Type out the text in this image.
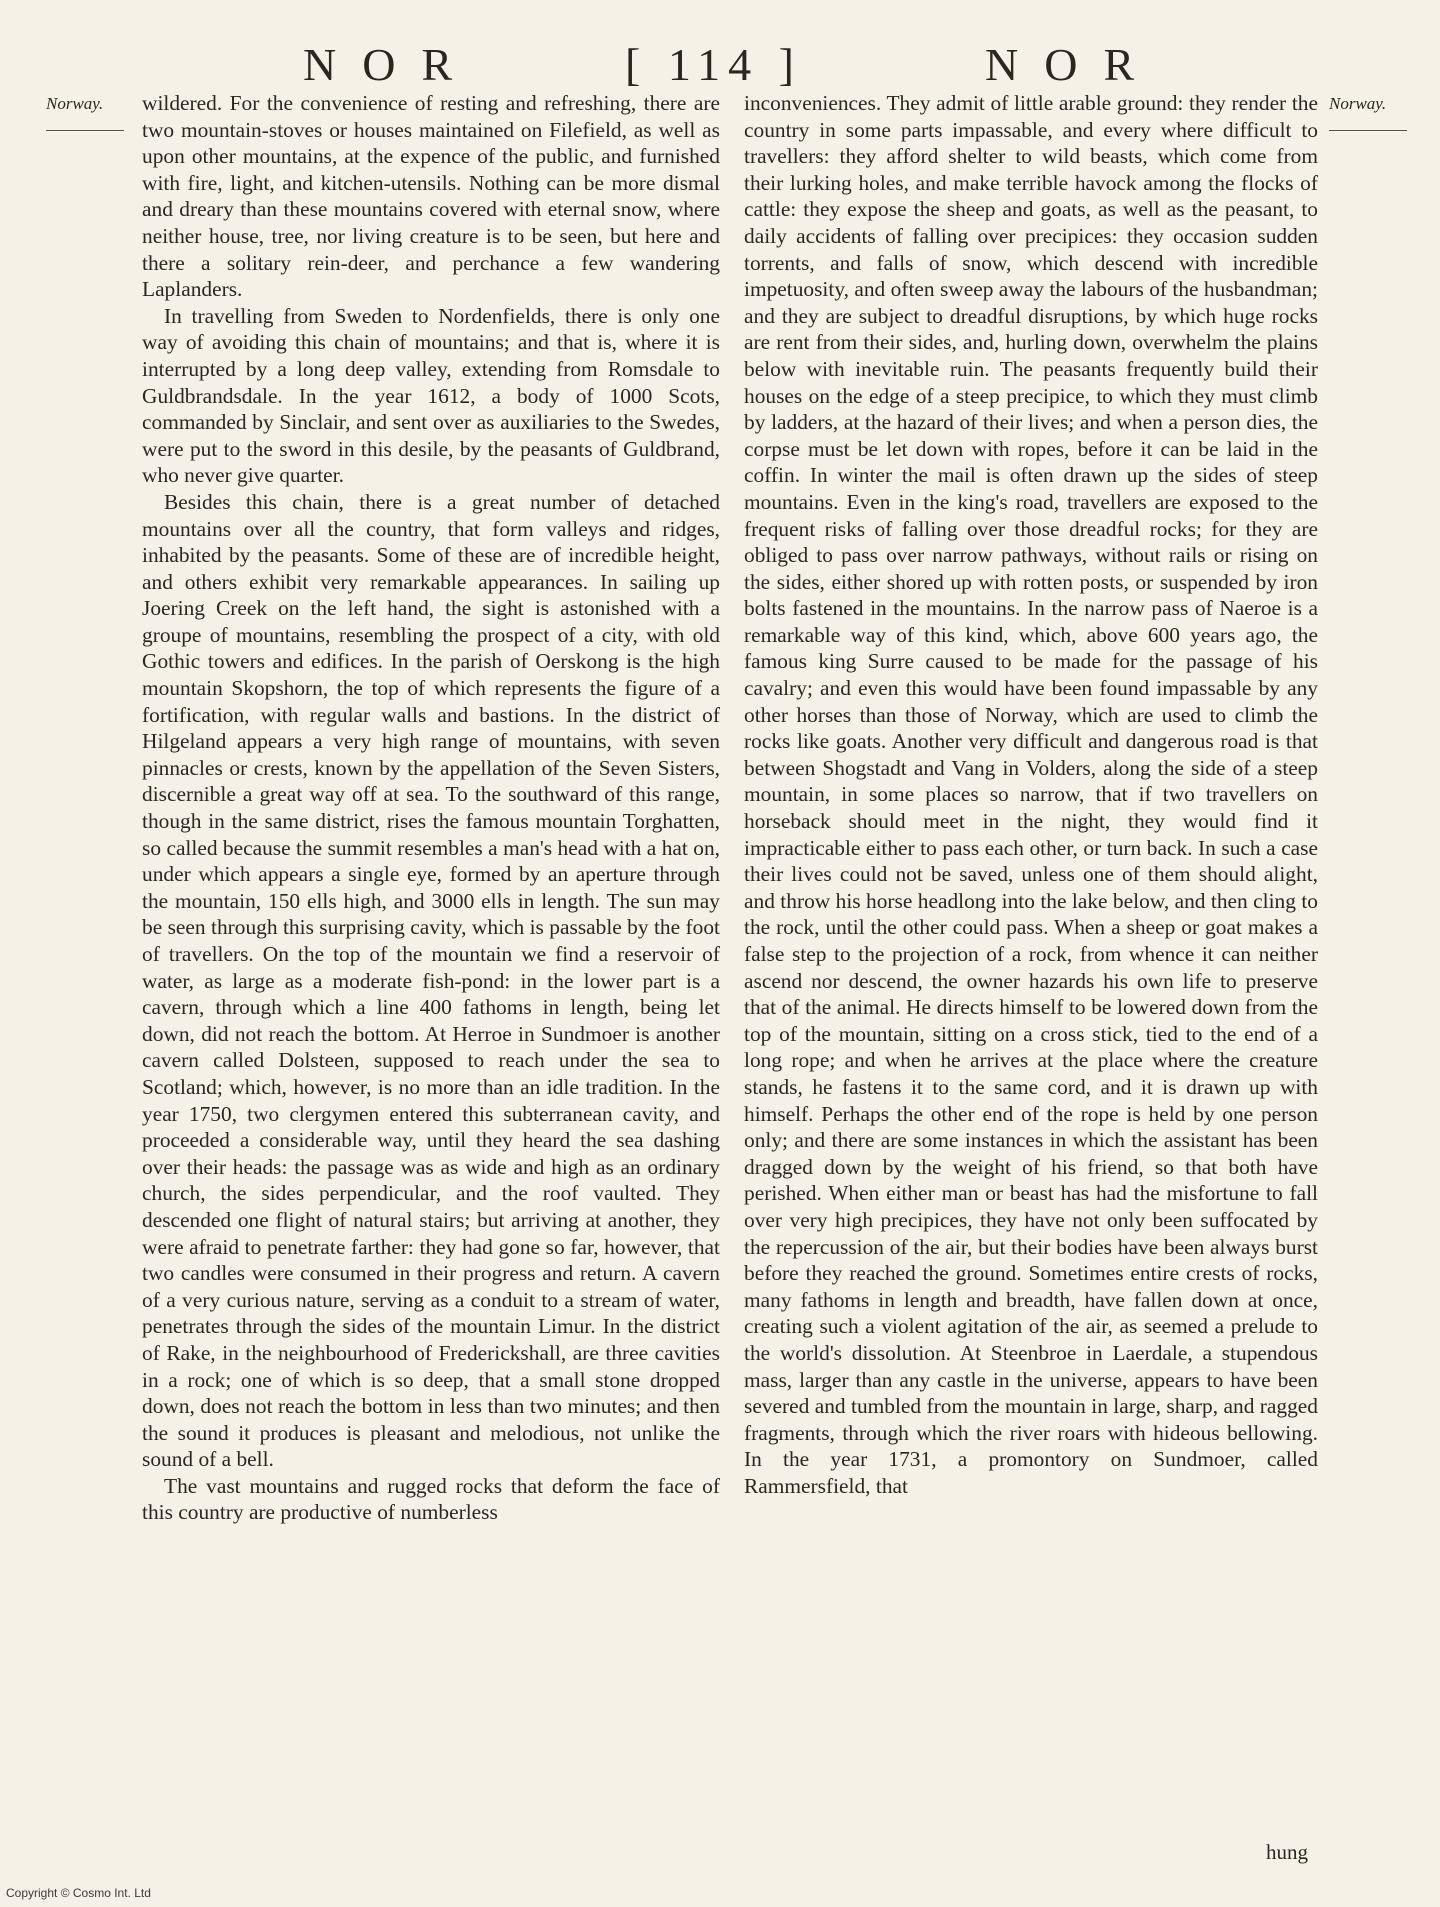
NOR	[ 114 ]	NOR
Norway.	Norway.

wildered. For the convenience of resting and refreshing, there are two mountain-stoves or houses maintained on Filefield, as well as upon other mountains, at the expence of the public, and furnished with fire, light, and kitchen-utensils. Nothing can be more dismal and dreary than these mountains covered with eternal snow, where neither house, tree, nor living creature is to be seen, but here and there a solitary rein-deer, and perchance a few wandering Laplanders.

In travelling from Sweden to Nordenfields, there is only one way of avoiding this chain of mountains; and that is, where it is interrupted by a long deep valley, extending from Romsdale to Guldbrandsdale. In the year 1612, a body of 1000 Scots, commanded by Sinclair, and sent over as auxiliaries to the Swedes, were put to the sword in this desile, by the peasants of Guldbrand, who never give quarter.

Besides this chain, there is a great number of detached mountains over all the country, that form valleys and ridges, inhabited by the peasants. Some of these are of incredible height, and others exhibit very remarkable appearances. In sailing up Joering Creek on the left hand, the sight is astonished with a groupe of mountains, resembling the prospect of a city, with old Gothic towers and edifices. In the parish of Oerskong is the high mountain Skopshorn, the top of which represents the figure of a fortification, with regular walls and bastions. In the district of Hilgeland appears a very high range of mountains, with seven pinnacles or crests, known by the appellation of the Seven Sisters, discernible a great way off at sea. To the southward of this range, though in the same district, rises the famous mountain Torghatten, so called because the summit resembles a man's head with a hat on, under which appears a single eye, formed by an aperture through the mountain, 150 ells high, and 3000 ells in length. The sun may be seen through this surprising cavity, which is passable by the foot of travellers. On the top of the mountain we find a reservoir of water, as large as a moderate fish-pond: in the lower part is a cavern, through which a line 400 fathoms in length, being let down, did not reach the bottom. At Herroe in Sundmoer is another cavern called Dolsteen, supposed to reach under the sea to Scotland; which, however, is no more than an idle tradition. In the year 1750, two clergymen entered this subterranean cavity, and proceeded a considerable way, until they heard the sea dashing over their heads: the passage was as wide and high as an ordinary church, the sides perpendicular, and the roof vaulted. They descended one flight of natural stairs; but arriving at another, they were afraid to penetrate farther: they had gone so far, however, that two candles were consumed in their progress and return. A cavern of a very curious nature, serving as a conduit to a stream of water, penetrates through the sides of the mountain Limur. In the district of Rake, in the neighbourhood of Frederickshall, are three cavities in a rock; one of which is so deep, that a small stone dropped down, does not reach the bottom in less than two minutes; and then the sound it produces is pleasant and melodious, not unlike the sound of a bell.

The vast mountains and rugged rocks that deform the face of this country are productive of numberless

inconveniences. They admit of little arable ground: they render the country in some parts impassable, and every where difficult to travellers: they afford shelter to wild beasts, which come from their lurking holes, and make terrible havock among the flocks of cattle: they expose the sheep and goats, as well as the peasant, to daily accidents of falling over precipices: they occasion sudden torrents, and falls of snow, which descend with incredible impetuosity, and often sweep away the labours of the husbandman; and they are subject to dreadful disruptions, by which huge rocks are rent from their sides, and, hurling down, overwhelm the plains below with inevitable ruin. The peasants frequently build their houses on the edge of a steep precipice, to which they must climb by ladders, at the hazard of their lives; and when a person dies, the corpse must be let down with ropes, before it can be laid in the coffin. In winter the mail is often drawn up the sides of steep mountains. Even in the king's road, travellers are exposed to the frequent risks of falling over those dreadful rocks; for they are obliged to pass over narrow pathways, without rails or rising on the sides, either shored up with rotten posts, or suspended by iron bolts fastened in the mountains. In the narrow pass of Naeroe is a remarkable way of this kind, which, above 600 years ago, the famous king Surre caused to be made for the passage of his cavalry; and even this would have been found impassable by any other horses than those of Norway, which are used to climb the rocks like goats. Another very difficult and dangerous road is that between Shogstadt and Vang in Volders, along the side of a steep mountain, in some places so narrow, that if two travellers on horseback should meet in the night, they would find it impracticable either to pass each other, or turn back. In such a case their lives could not be saved, unless one of them should alight, and throw his horse headlong into the lake below, and then cling to the rock, until the other could pass. When a sheep or goat makes a false step to the projection of a rock, from whence it can neither ascend nor descend, the owner hazards his own life to preserve that of the animal. He directs himself to be lowered down from the top of the mountain, sitting on a cross stick, tied to the end of a long rope; and when he arrives at the place where the creature stands, he fastens it to the same cord, and it is drawn up with himself. Perhaps the other end of the rope is held by one person only; and there are some instances in which the assistant has been dragged down by the weight of his friend, so that both have perished. When either man or beast has had the misfortune to fall over very high precipices, they have not only been suffocated by the repercussion of the air, but their bodies have been always burst before they reached the ground. Sometimes entire crests of rocks, many fathoms in length and breadth, have fallen down at once, creating such a violent agitation of the air, as seemed a prelude to the world's dissolution. At Steenbroe in Laerdale, a stupendous mass, larger than any castle in the universe, appears to have been severed and tumbled from the mountain in large, sharp, and ragged fragments, through which the river roars with hideous bellowing. In the year 1731, a promontory on Sundmoer, called Rammersfield, that

hung
Copyright © Cosmo Int. Ltd
